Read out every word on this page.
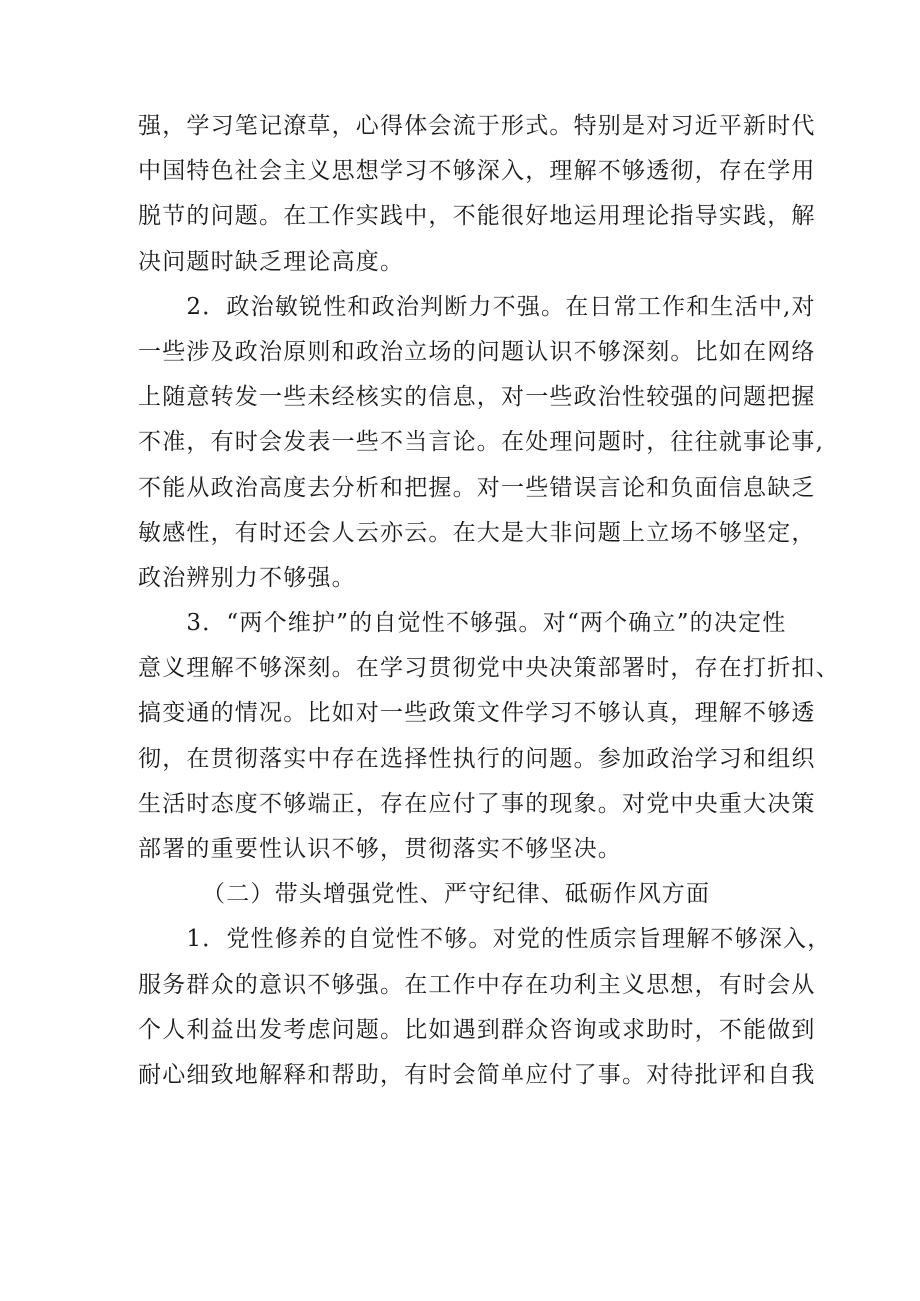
强，学习笔记潦草，心得体会流于形式。特别是对习近平新时代
中国特色社会主义思想学习不够深入，理解不够透彻，存在学用
脱节的问题。在工作实践中，不能很好地运用理论指导实践，解
决问题时缺乏理论高度。
　　2．政治敏锐性和政治判断力不强。在日常工作和生活中,对
一些涉及政治原则和政治立场的问题认识不够深刻。比如在网络
上随意转发一些未经核实的信息，对一些政治性较强的问题把握
不准，有时会发表一些不当言论。在处理问题时，往往就事论事,
不能从政治高度去分析和把握。对一些错误言论和负面信息缺乏
敏感性，有时还会人云亦云。在大是大非问题上立场不够坚定，
政治辨别力不够强。
　　3．“两个维护”的自觉性不够强。对“两个确立”的决定性
意义理解不够深刻。在学习贯彻党中央决策部署时，存在打折扣、
搞变通的情况。比如对一些政策文件学习不够认真，理解不够透
彻，在贯彻落实中存在选择性执行的问题。参加政治学习和组织
生活时态度不够端正，存在应付了事的现象。对党中央重大决策
部署的重要性认识不够，贯彻落实不够坚决。
（二）带头增强党性、严守纪律、砥砺作风方面
　　1．党性修养的自觉性不够。对党的性质宗旨理解不够深入，
服务群众的意识不够强。在工作中存在功利主义思想，有时会从
个人利益出发考虑问题。比如遇到群众咨询或求助时，不能做到
耐心细致地解释和帮助，有时会简单应付了事。对待批评和自我
